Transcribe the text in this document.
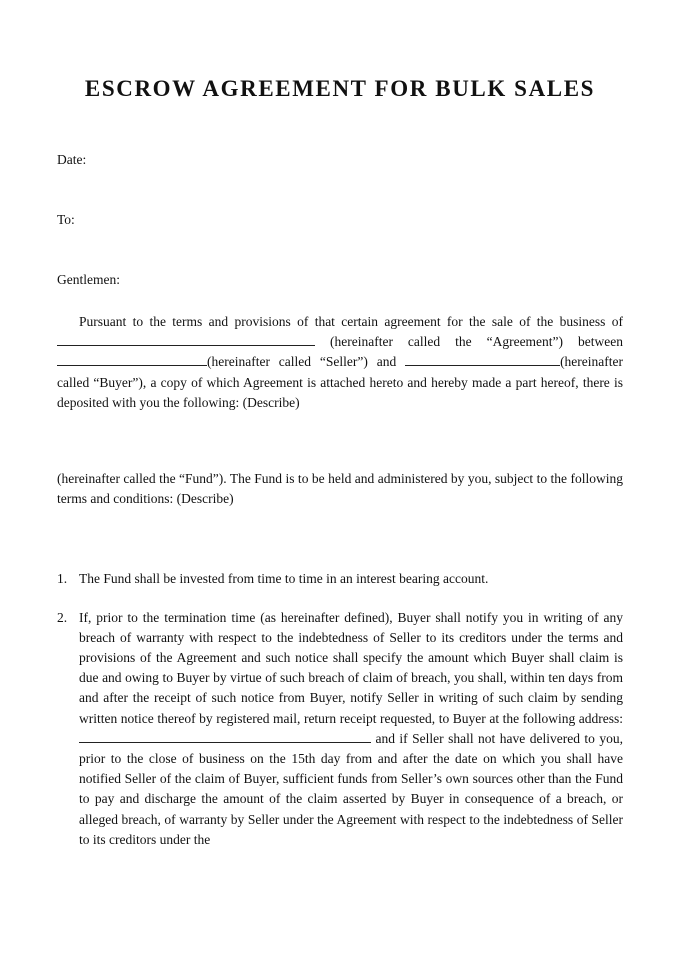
ESCROW AGREEMENT FOR BULK SALES
Date:
To:
Gentlemen:

Pursuant to the terms and provisions of that certain agreement for the sale of the business of (hereinafter called the “Agreement”) between (hereinafter called “Seller”) and	(hereinafter called “Buyer”), a copy of which Agreement is attached hereto and hereby made a part hereof, there is deposited with you the following: (Describe)

(hereinafter called the “Fund”). The Fund is to be held and administered by you, subject to the following terms and conditions: (Describe)

1. The Fund shall be invested from time to time in an interest bearing account.
2. If, prior to the termination time (as hereinafter defined), Buyer shall notify you in writing of any breach of warranty with respect to the indebtedness of Seller to its creditors under the terms and provisions of the Agreement and such notice shall specify the amount which Buyer shall claim is due and owing to Buyer by virtue of such breach of claim of breach, you shall, within ten days from and after the receipt of such notice from Buyer, notify Seller in writing of such claim by sending written notice thereof by registered mail, return receipt requested, to Buyer at the following address:  and if Seller shall not have delivered to you, prior to the close of business on the 15th day from and after the date on which you shall have notified Seller of the claim of Buyer, sufficient funds from Seller’s own sources other than the Fund to pay and discharge the amount of the claim asserted by Buyer in consequence of a breach, or alleged breach, of warranty by Seller under the Agreement with respect to the indebtedness of Seller to its creditors under the
